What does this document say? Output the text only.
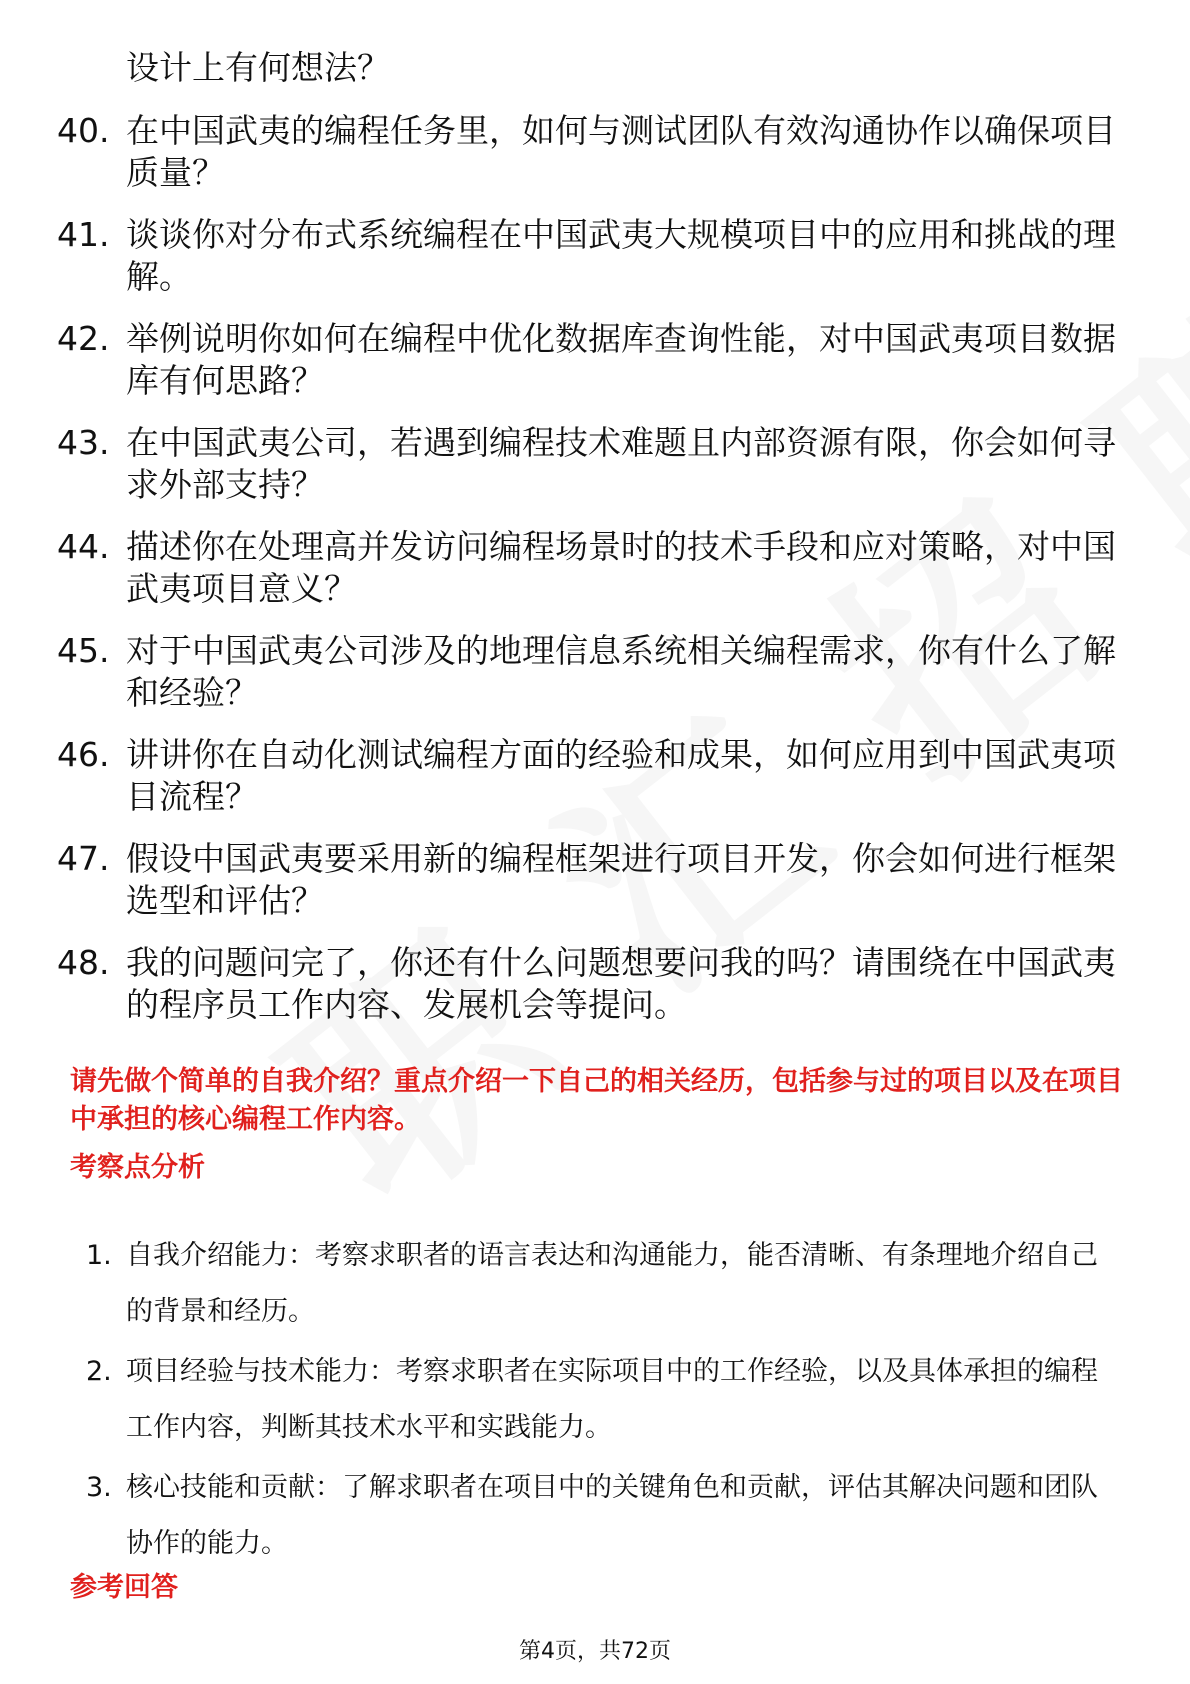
设计上有何想法？
40. 在中国武夷的编程任务里，如何与测试团队有效沟通协作以确保项目质量？
41. 谈谈你对分布式系统编程在中国武夷大规模项目中的应用和挑战的理解。
42. 举例说明你如何在编程中优化数据库查询性能，对中国武夷项目数据库有何思路？
43. 在中国武夷公司，若遇到编程技术难题且内部资源有限，你会如何寻求外部支持？
44. 描述你在处理高并发访问编程场景时的技术手段和应对策略，对中国武夷项目意义？
45. 对于中国武夷公司涉及的地理信息系统相关编程需求，你有什么了解和经验？
46. 讲讲你在自动化测试编程方面的经验和成果，如何应用到中国武夷项目流程？
47. 假设中国武夷要采用新的编程框架进行项目开发，你会如何进行框架选型和评估？
48. 我的问题问完了，你还有什么问题想要问我的吗？请围绕在中国武夷的程序员工作内容、发展机会等提问。
请先做个简单的自我介绍？重点介绍一下自己的相关经历，包括参与过的项目以及在项目中承担的核心编程工作内容。
考察点分析
1. 自我介绍能力：考察求职者的语言表达和沟通能力，能否清晰、有条理地介绍自己的背景和经历。
2. 项目经验与技术能力：考察求职者在实际项目中的工作经验，以及具体承担的编程工作内容，判断其技术水平和实践能力。
3. 核心技能和贡献：了解求职者在项目中的关键角色和贡献，评估其解决问题和团队协作的能力。
参考回答
第4页，共72页
